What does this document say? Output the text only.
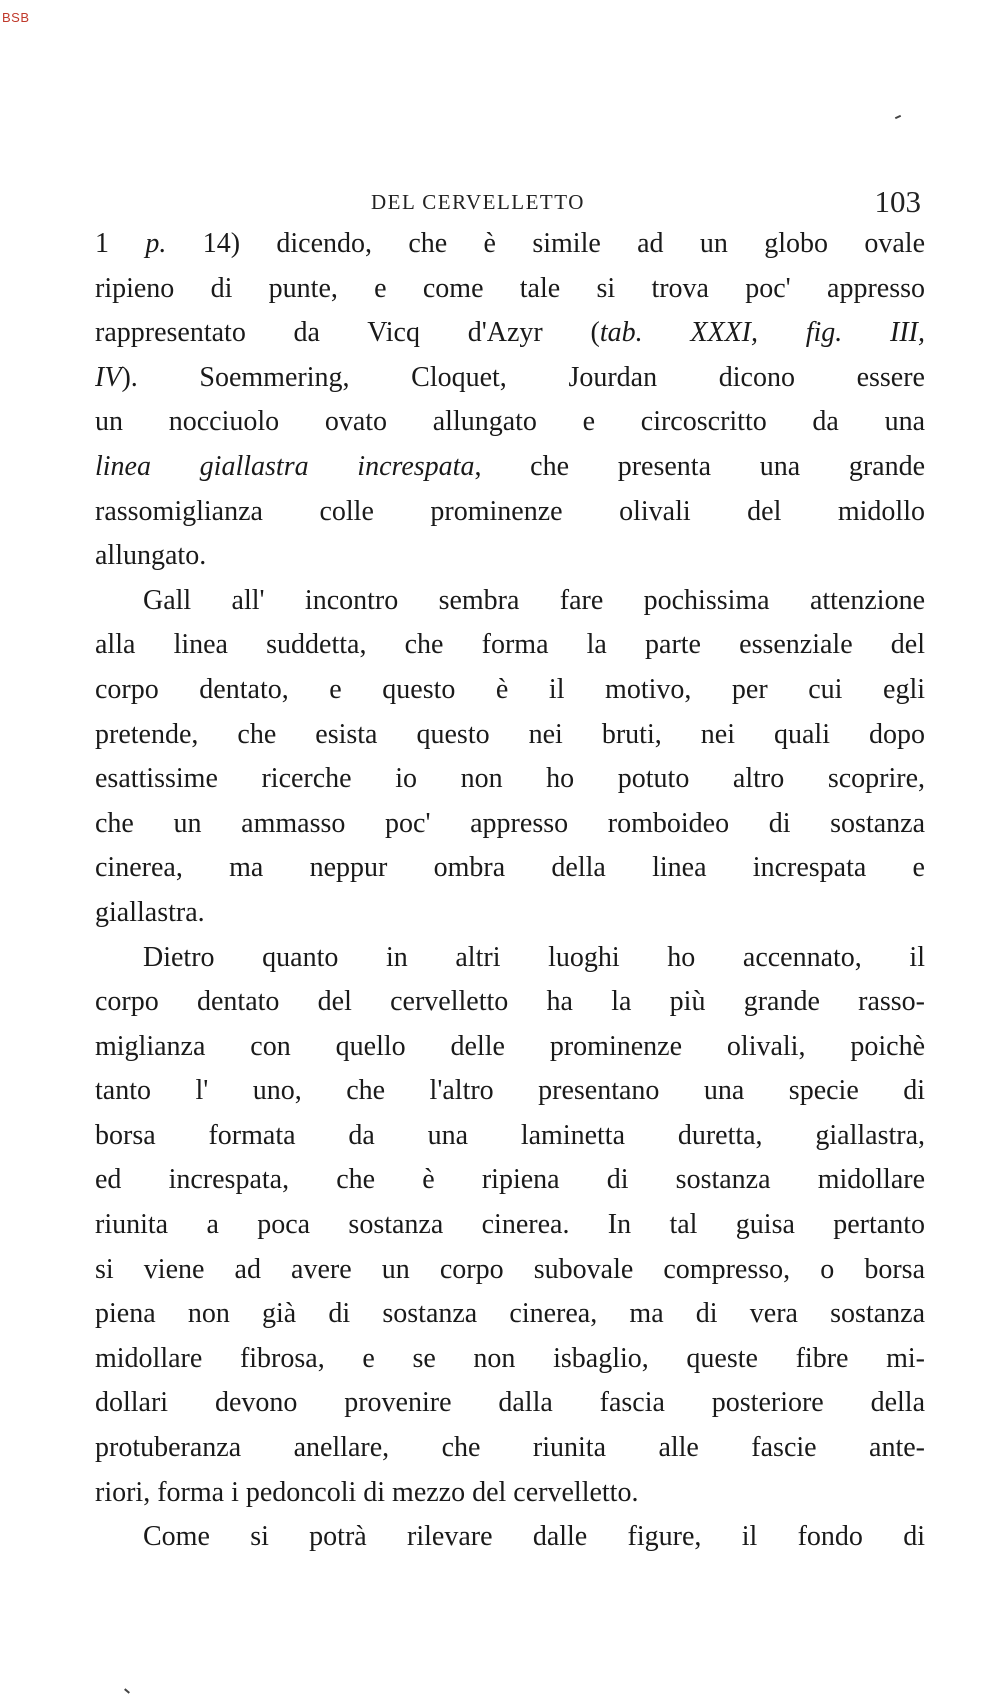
BSB
DEL CERVELLETTO	103
1 p. 14) dicendo, che è simile ad un globo ovale
ripieno di punte, e come tale si trova poc' appresso
rappresentato da Vicq d'Azyr (tab. XXXI, fig. III,
IV). Soemmering, Cloquet, Jourdan dicono essere
un nocciuolo ovato allungato e circoscritto da una
linea giallastra increspata, che presenta una grande
rassomiglianza colle prominenze olivali del midollo
allungato.
Gall all' incontro sembra fare pochissima attenzione
alla linea suddetta, che forma la parte essenziale del
corpo dentato, e questo è il motivo, per cui egli
pretende, che esista questo nei bruti, nei quali dopo
esattissime ricerche io non ho potuto altro scoprire,
che un ammasso poc' appresso romboideo di sostanza
cinerea, ma neppur ombra della linea increspata e
giallastra.
Dietro quanto in altri luoghi ho accennato, il
corpo dentato del cervelletto ha la più grande rasso-
miglianza con quello delle prominenze olivali, poichè
tanto l' uno, che l'altro presentano una specie di
borsa formata da una laminetta duretta, giallastra,
ed increspata, che è ripiena di sostanza midollare
riunita a poca sostanza cinerea. In tal guisa pertanto
si viene ad avere un corpo subovale compresso, o borsa
piena non già di sostanza cinerea, ma di vera sostanza
midollare fibrosa, e se non isbaglio, queste fibre mi-
dollari devono provenire dalla fascia posteriore della
protuberanza anellare, che riunita alle fascie ante-
riori, forma i pedoncoli di mezzo del cervelletto.
Come si potrà rilevare dalle figure, il fondo di
